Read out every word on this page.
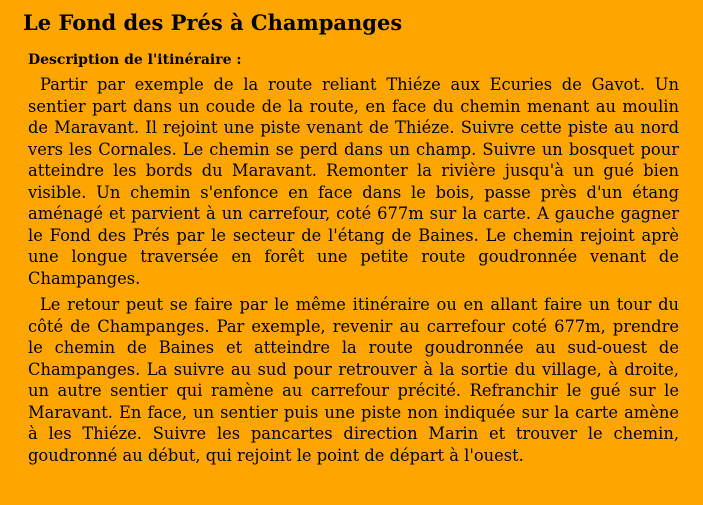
Le Fond des Prés à Champanges
Description de l'itinéraire :

Partir par exemple de la route reliant Thiéze aux Ecuries de Gavot. Un sentier part dans un coude de la route, en face du chemin menant au moulin de Maravant. Il rejoint une piste venant de Thiéze. Suivre cette piste au nord vers les Cornales. Le chemin se perd dans un champ. Suivre un bosquet pour atteindre les bords du Maravant. Remonter la rivière jusqu'à un gué bien visible. Un chemin s'enfonce en face dans le bois, passe près d'un étang aménagé et parvient à un carrefour, coté 677m sur la carte. A gauche gagner le Fond des Prés par le secteur de l'étang de Baines. Le chemin rejoint aprè une longue traversée en forêt une petite route goudronnée venant de Champanges.

Le retour peut se faire par le même itinéraire ou en allant faire un tour du côté de Champanges. Par exemple, revenir au carrefour coté 677m, prendre le chemin de Baines et atteindre la route goudronnée au sud-ouest de Champanges. La suivre au sud pour retrouver à la sortie du village, à droite, un autre sentier qui ramène au carrefour précité. Refranchir le gué sur le Maravant. En face, un sentier puis une piste non indiquée sur la carte amène à les Thiéze. Suivre les pancartes direction Marin et trouver le chemin, goudronné au début, qui rejoint le point de départ à l'ouest.
